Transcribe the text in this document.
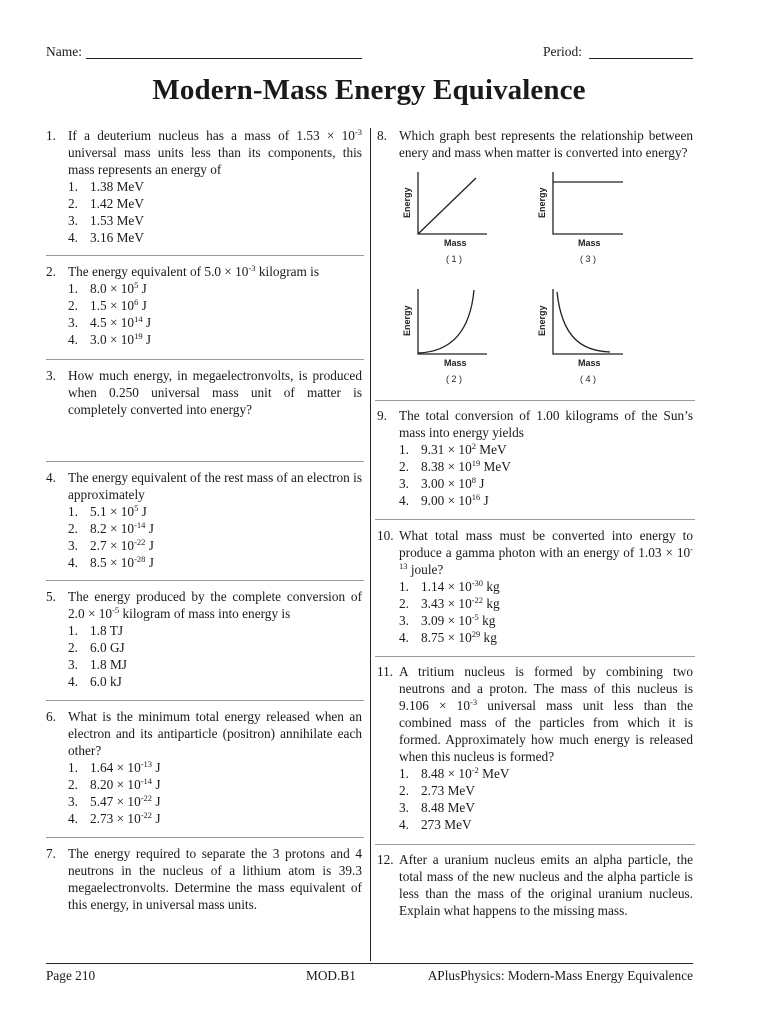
Name:	Period:
Modern-Mass Energy Equivalence
1. If a deuterium nucleus has a mass of $1.53 \times 10^{-3}$ universal mass units less than its components, this mass represents an energy of
1. 1.38 MeV
2. 1.42 MeV
3. 1.53 MeV
4. 3.16 MeV
2. The energy equivalent of $5.0 \times 10^{-3}$ kilogram is
1. $8.0 \times 10^5$ J
2. $1.5 \times 10^6$ J
3. $4.5 \times 10^{14}$ J
4. $3.0 \times 10^{19}$ J
3. How much energy, in megaelectronvolts, is produced when 0.250 universal mass unit of matter is completely converted into energy?
4. The energy equivalent of the rest mass of an electron is approximately
1. $5.1 \times 10^5$ J
2. $8.2 \times 10^{-14}$ J
3. $2.7 \times 10^{-22}$ J
4. $8.5 \times 10^{-28}$ J
5. The energy produced by the complete conversion of $2.0 \times 10^{-5}$ kilogram of mass into energy is
1. 1.8 TJ
2. 6.0 GJ
3. 1.8 MJ
4. 6.0 kJ
6. What is the minimum total energy released when an electron and its antiparticle (positron) annihilate each other?
1. $1.64 \times 10^{-13}$ J
2. $8.20 \times 10^{-14}$ J
3. $5.47 \times 10^{-22}$ J
4. $2.73 \times 10^{-22}$ J
7. The energy required to separate the 3 protons and 4 neutrons in the nucleus of a lithium atom is 39.3 megaelectronvolts. Determine the mass equivalent of this energy, in universal mass units.
8. Which graph best represents the relationship between enery and mass when matter is converted into energy?
9. The total conversion of 1.00 kilograms of the Sun’s mass into energy yields
1. $9.31 \times 10^2$ MeV
2. $8.38 \times 10^{19}$ MeV
3. $3.00 \times 10^8$ J
4. $9.00 \times 10^{16}$ J
10. What total mass must be converted into energy to produce a gamma photon with an energy of $1.03 \times 10^{-13}$ joule?
1. $1.14 \times 10^{-30}$ kg
2. $3.43 \times 10^{-22}$ kg
3. $3.09 \times 10^{-5}$ kg
4. $8.75 \times 10^{29}$ kg
11. A tritium nucleus is formed by combining two neutrons and a proton. The mass of this nucleus is $9.106 \times 10^{-3}$ universal mass unit less than the combined mass of the particles from which it is formed. Approximately how much energy is released when this nucleus is formed?
1. $8.48 \times 10^{-2}$ MeV
2. 2.73 MeV
3. 8.48 MeV
4. 273 MeV
12. After a uranium nucleus emits an alpha particle, the total mass of the new nucleus and the alpha particle is less than the mass of the original uranium nucleus. Explain what happens to the missing mass.
Energy
Mass
( 1 )
Energy
Mass
( 3 )
Energy
Mass
( 2 )
Energy
Mass
( 4 )
Page 210	MOD.B1	APlusPhysics: Modern-Mass Energy Equivalence
